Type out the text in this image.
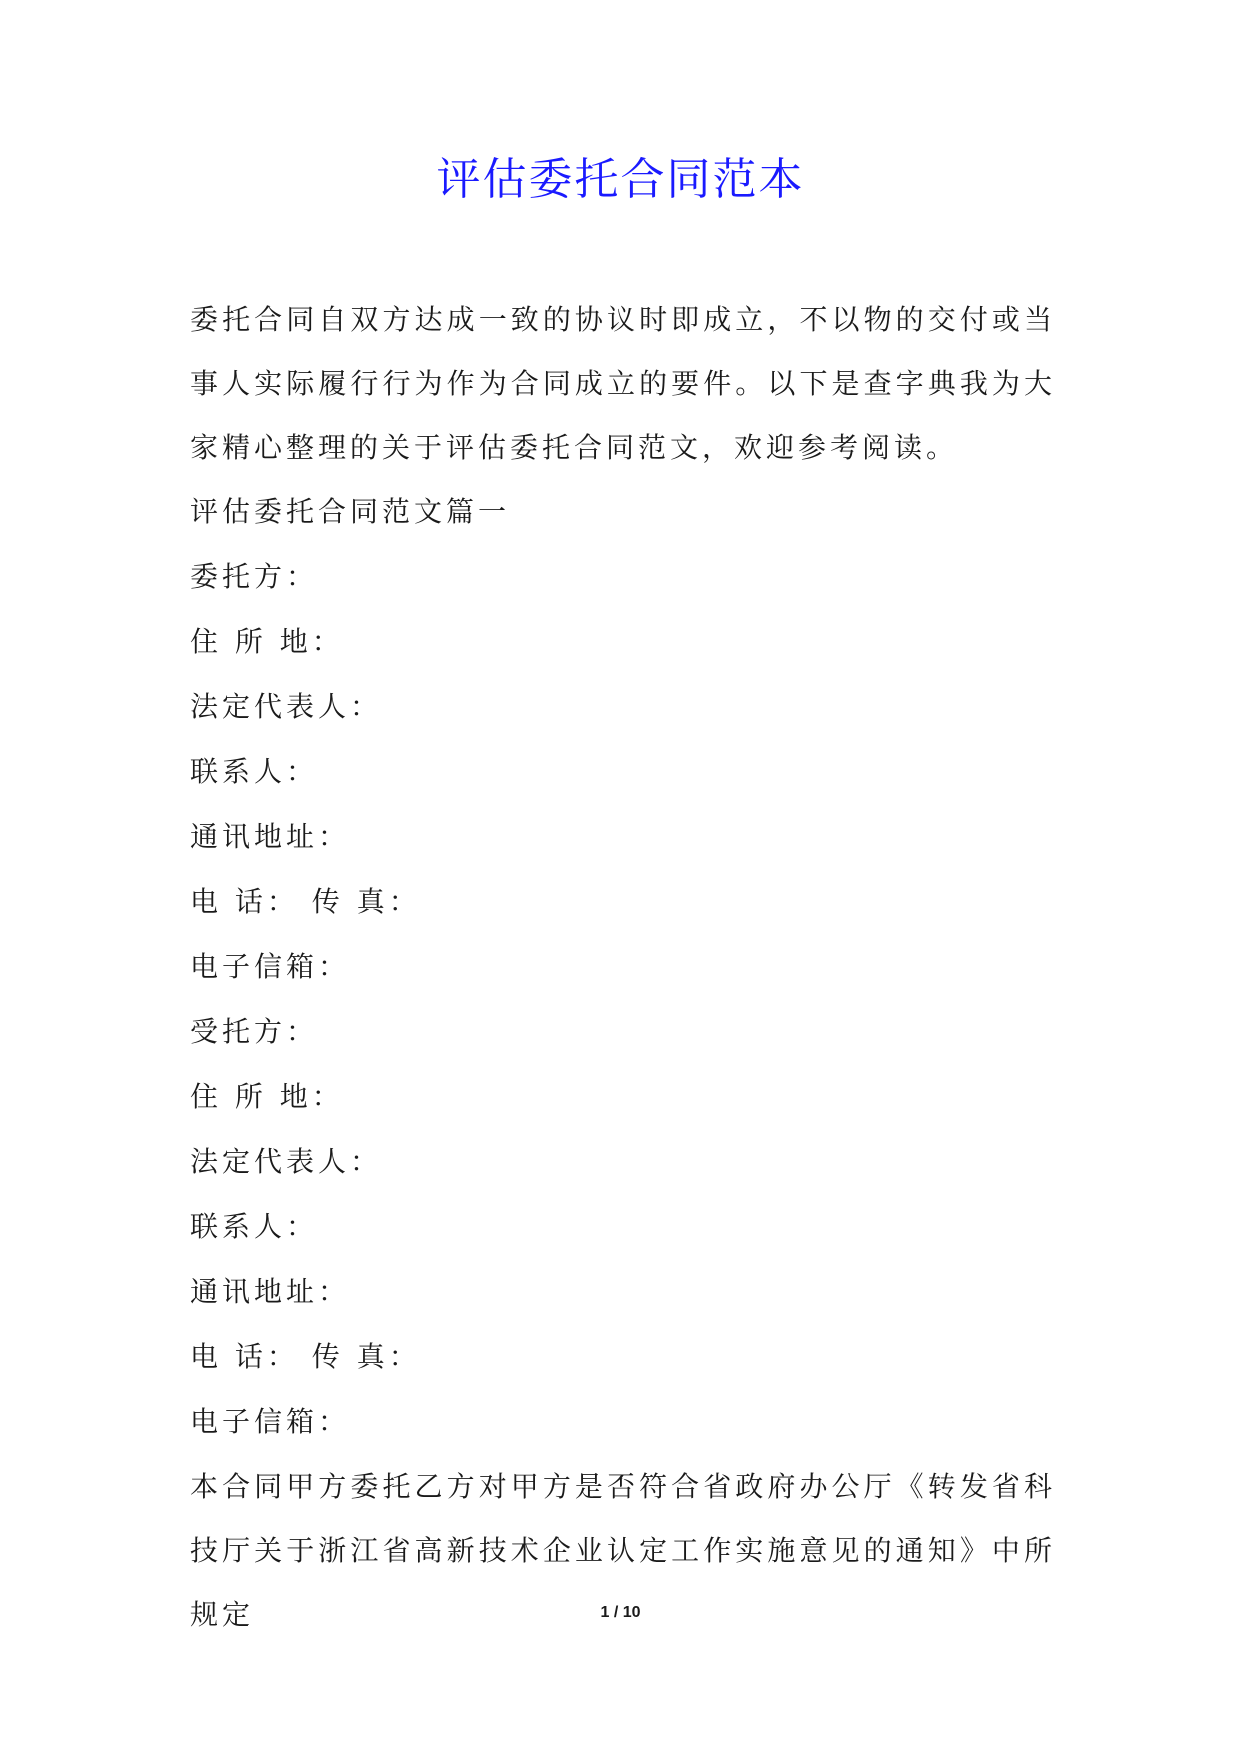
评估委托合同范本

委托合同自双方达成一致的协议时即成立，不以物的交付或当事人实际履行行为作为合同成立的要件。以下是查字典我为大家精心整理的关于评估委托合同范文，欢迎参考阅读。

评估委托合同范文篇一

委托方：

住 所 地：

法定代表人：

联系人：

通讯地址：

电 话： 传 真：

电子信箱：

受托方：

住 所 地：

法定代表人：

联系人：

通讯地址：

电 话： 传 真：

电子信箱：

本合同甲方委托乙方对甲方是否符合省政府办公厅《转发省科技厅关于浙江省高新技术企业认定工作实施意见的通知》中所规定	1 / 10
